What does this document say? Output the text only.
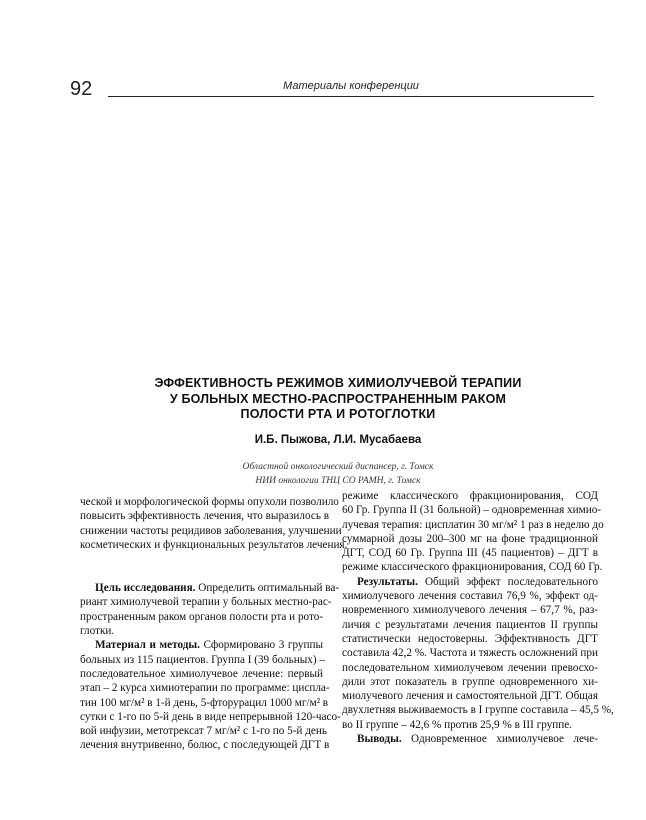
92	Материалы конференции
ЭФФЕКТИВНОСТЬ РЕЖИМОВ ХИМИОЛУЧЕВОЙ ТЕРАПИИ
У БОЛЬНЫХ МЕСТНО-РАСПРОСТРАНЕННЫМ РАКОМ
ПОЛОСТИ РТА И РОТОГЛОТКИ
И.Б. Пыжова, Л.И. Мусабаева
Областной онкологический диспансер, г. Томск
НИИ онкологии ТНЦ СО РАМН, г. Томск
ческой и морфологической формы опухоли позволило
повысить эффективность лечения, что выразилось в
снижении частоты рецидивов заболевания, улучшении
косметических и функциональных результатов лечения.
Цель исследования. Определить оптимальный ва-
риант химиолучевой терапии у больных местно-рас-
пространенным раком органов полости рта и рото-
глотки.
Материал и методы. Сформировано 3 группы
больных из 115 пациентов. Группа I (39 больных) –
последовательное химиолучевое лечение: первый
этап – 2 курса химиотерапии по программе: циспла-
тин 100 мг/м² в 1-й день, 5-фторурацил 1000 мг/м² в
сутки с 1-го по 5-й день в виде непрерывной 120-часо-
вой инфузии, метотрексат 7 мг/м² с 1-го по 5-й день
лечения внутривенно, болюс, с последующей ДГТ в
режиме классического фракционирования, СОД
60 Гр. Группа II (31 больной) – одновременная химио-
лучевая терапия: цисплатин 30 мг/м² 1 раз в неделю до
суммарной дозы 200–300 мг на фоне традиционной
ДГТ, СОД 60 Гр. Группа III (45 пациентов) – ДГТ в
режиме классического фракционирования, СОД 60 Гр.
Результаты. Общий эффект последовательного
химиолучевого лечения составил 76,9 %, эффект од-
новременного химиолучевого лечения – 67,7 %, раз-
личия с результатами лечения пациентов II группы
статистически недостоверны. Эффективность ДГТ
составила 42,2 %. Частота и тяжесть осложнений при
последовательном химиолучевом лечении превосхо-
дили этот показатель в группе одновременного хи-
миолучевого лечения и самостоятельной ДГТ. Общая
двухлетняя выживаемость в I группе составила – 45,5 %,
во II группе – 42,6 % против 25,9 % в III группе.
Выводы. Одновременное химиолучевое лече-
